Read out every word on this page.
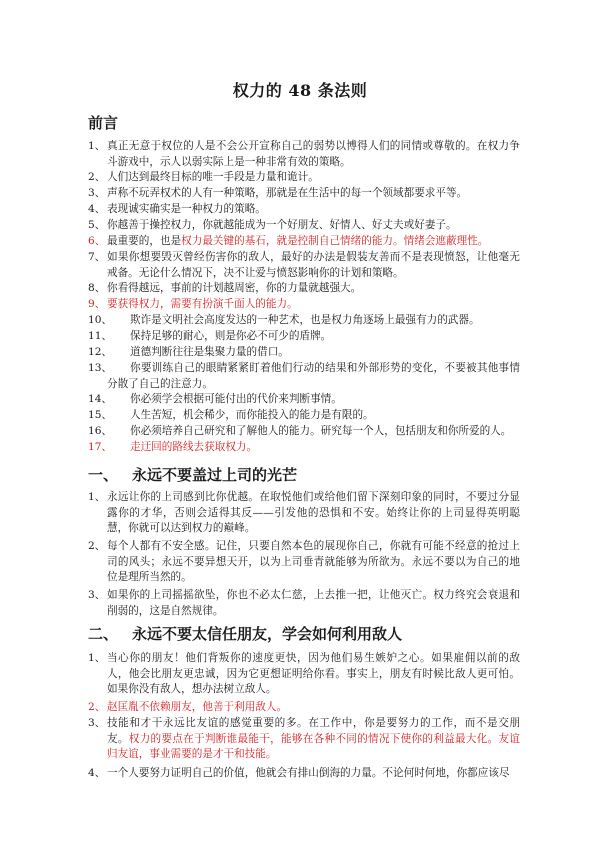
权力的 48 条法则
前言
1、 真正无意于权位的人是不会公开宣称自己的弱势以博得人们的同情或尊敬的。在权力争斗游戏中，示人以弱实际上是一种非常有效的策略。
2、 人们达到最终目标的唯一手段是力量和诡计。
3、 声称不玩弄权术的人有一种策略，那就是在生活中的每一个领域都要求平等。
4、 表现诚实确实是一种权力的策略。
5、 你越善于操控权力，你就越能成为一个好朋友、好情人、好丈夫或好妻子。
6、 最重要的，也是权力最关键的基石，就是控制自己情绪的能力。情绪会遮蔽理性。
7、 如果你想要毁灭曾经伤害你的敌人，最好的办法是假装友善而不是表现愤怒，让他毫无戒备。无论什么情况下，决不让爱与愤怒影响你的计划和策略。
8、 你看得越远，事前的计划越周密，你的力量就越强大。
9、 要获得权力，需要有扮演千面人的能力。
10、 欺诈是文明社会高度发达的一种艺术，也是权力角逐场上最强有力的武器。
11、 保持足够的耐心，则是你必不可少的盾牌。
12、 道德判断往往是集聚力量的借口。
13、	你要训练自己的眼睛紧紧盯着他们行动的结果和外部形势的变化，不要被其他事情分散了自己的注意力。
14、 你必须学会根据可能付出的代价来判断事情。
15、 人生苦短，机会稀少，而你能投入的能力是有限的。
16、 你必须培养自己研究和了解他人的能力。研究每一个人，包括朋友和你所爱的人。
17、 走迂回的路线去获取权力。
一、 永远不要盖过上司的光芒
1、 永远让你的上司感到比你优越。在取悦他们或给他们留下深刻印象的同时，不要过分显露你的才华，否则会适得其反——引发他的恐惧和不安。始终让你的上司显得英明聪慧，你就可以达到权力的巅峰。
2、 每个人都有不安全感。记住，只要自然本色的展现你自己，你就有可能不经意的抢过上司的风头；永远不要异想天开，以为上司垂青就能够为所欲为。永远不要以为自己的地位是理所当然的。
3、 如果你的上司摇摇欲坠，你也不必太仁慈，上去推一把，让他灭亡。权力终究会衰退和削弱的，这是自然规律。
二、 永远不要太信任朋友，学会如何利用敌人
1、 当心你的朋友！他们背叛你的速度更快，因为他们易生嫉妒之心。如果雇佣以前的敌人，他会比朋友更忠诚，因为它更想证明给你看。事实上，朋友有时候比敌人更可怕。如果你没有敌人，想办法树立敌人。
2、 赵匡胤不依赖朋友，他善于利用敌人。
3、 技能和才干永远比友谊的感觉重要的多。在工作中，你是要努力的工作，而不是交朋友。权力的要点在于判断谁最能干，能够在各种不同的情况下使你的利益最大化。友谊归友谊，事业需要的是才干和技能。
4、 一个人要努力证明自己的价值，他就会有排山倒海的力量。不论何时何地，你都应该尽
